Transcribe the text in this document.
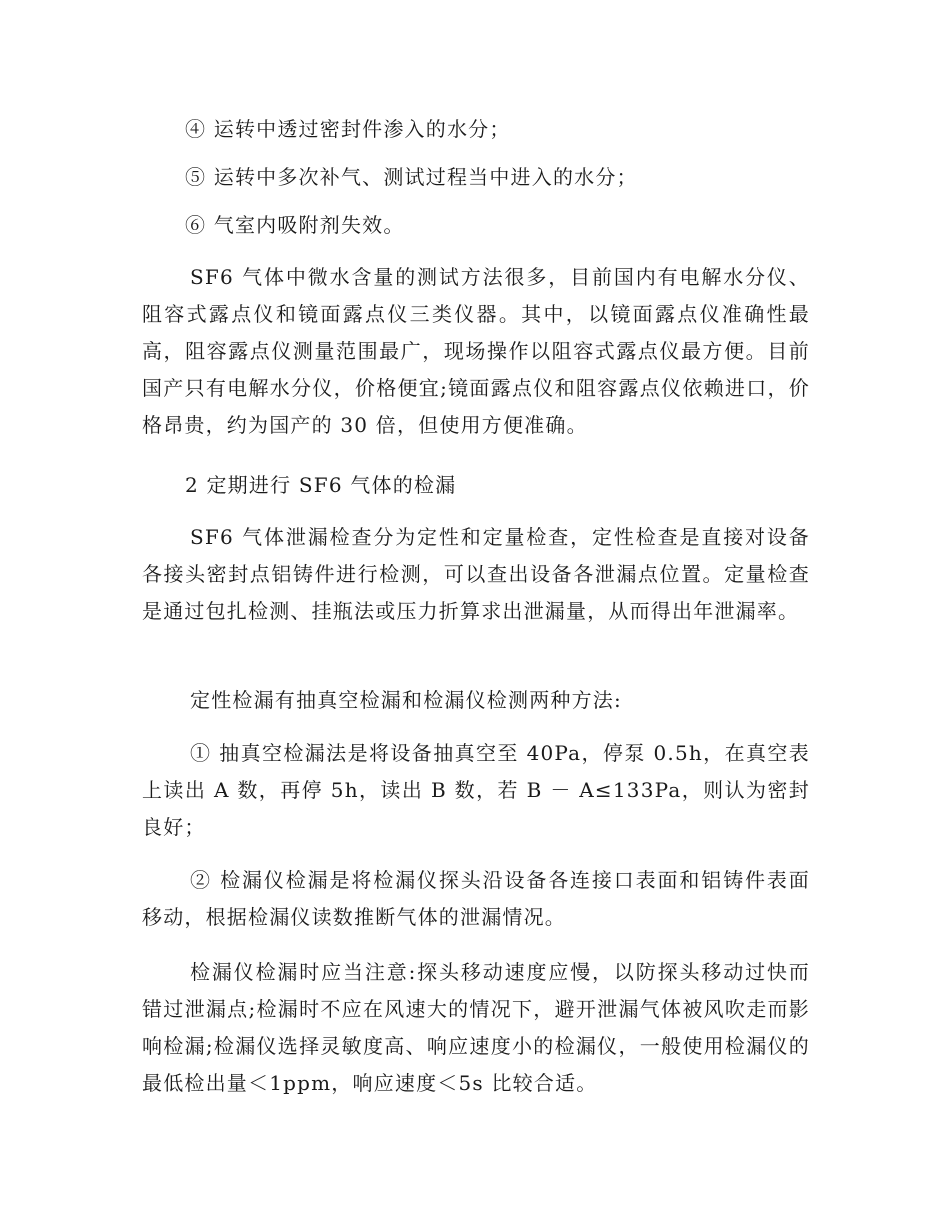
④ 运转中透过密封件渗入的水分；

⑤ 运转中多次补气、测试过程当中进入的水分；

⑥ 气室内吸附剂失效。

SF6 气体中微水含量的测试方法很多，目前国内有电解水分仪、阻容式露点仪和镜面露点仪三类仪器。其中，以镜面露点仪准确性最高，阻容露点仪测量范围最广，现场操作以阻容式露点仪最方便。目前国产只有电解水分仪，价格便宜;镜面露点仪和阻容露点仪依赖进口，价格昂贵，约为国产的 30 倍，但使用方便准确。

2 定期进行 SF6 气体的检漏

SF6 气体泄漏检查分为定性和定量检查，定性检查是直接对设备各接头密封点铝铸件进行检测，可以查出设备各泄漏点位置。定量检查是通过包扎检测、挂瓶法或压力折算求出泄漏量，从而得出年泄漏率。

定性检漏有抽真空检漏和检漏仪检测两种方法:

① 抽真空检漏法是将设备抽真空至 40Pa，停泵 0.5h，在真空表上读出 A 数，再停 5h，读出 B 数，若 B － A≤133Pa，则认为密封良好；

② 检漏仪检漏是将检漏仪探头沿设备各连接口表面和铝铸件表面移动，根据检漏仪读数推断气体的泄漏情况。

检漏仪检漏时应当注意:探头移动速度应慢，以防探头移动过快而错过泄漏点;检漏时不应在风速大的情况下，避开泄漏气体被风吹走而影响检漏;检漏仪选择灵敏度高、响应速度小的检漏仪，一般使用检漏仪的最低检出量＜1ppm，响应速度＜5s 比较合适。
